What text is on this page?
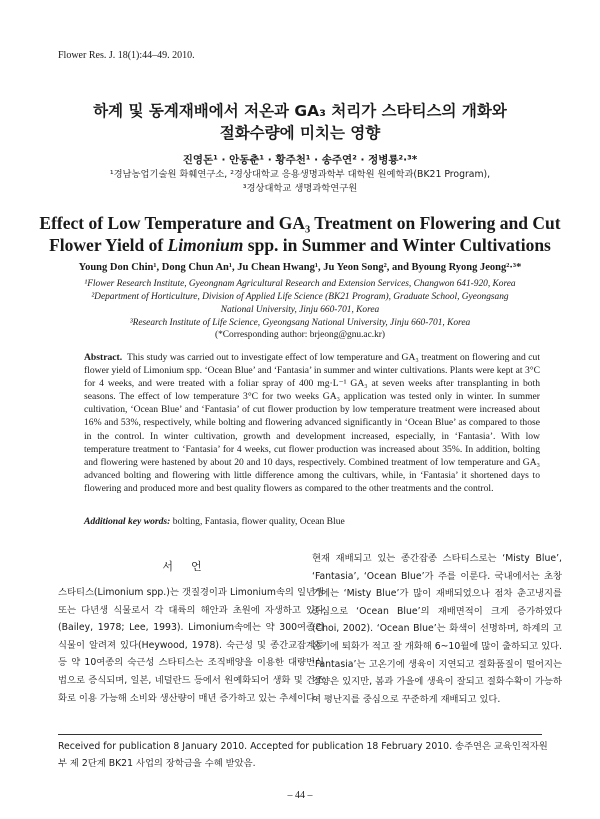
Flower Res. J. 18(1):44–49. 2010.
하계 및 동계재배에서 저온과 GA₃ 처리가 스타티스의 개화와
절화수량에 미치는 영향
진영돈¹ · 안동춘¹ · 황주천¹ · 송주연² · 정병룡²·³*
¹경남농업기술원 화훼연구소, ²경상대학교 응용생명과학부 대학원 원예학과(BK21 Program),
³경상대학교 생명과학연구원
Effect of Low Temperature and GA₃ Treatment on Flowering and Cut
Flower Yield of Limonium spp. in Summer and Winter Cultivations
Young Don Chin¹, Dong Chun An¹, Ju Chean Hwang¹, Ju Yeon Song², and Byoung Ryong Jeong²·³*
¹Flower Research Institute, Gyeongnam Agricultural Research and Extension Services, Changwon 641-920, Korea
²Department of Horticulture, Division of Applied Life Science (BK21 Program), Graduate School, Gyeongsang
National University, Jinju 660-701, Korea
³Research Institute of Life Science, Gyeongsang National University, Jinju 660-701, Korea
(*Corresponding author: brjeong@gnu.ac.kr)
Abstract. This study was carried out to investigate effect of low temperature and GA₃ treatment on flowering and cut flower yield of Limonium spp. ‘Ocean Blue’ and ‘Fantasia’ in summer and winter cultivations. Plants were kept at 3°C for 4 weeks, and were treated with a foliar spray of 400 mg·L⁻¹ GA₃ at seven weeks after transplanting in both seasons. The effect of low temperature 3°C for two weeks GA₃ application was tested only in winter. In summer cultivation, ‘Ocean Blue’ and ‘Fantasia’ of cut flower production by low temperature treatment were increased about 16% and 53%, respectively, while bolting and flowering advanced significantly in ‘Ocean Blue’ as compared to those in the control. In winter cultivation, growth and development increased, especially, in ‘Fantasia’. With low temperature treatment to ‘Fantasia’ for 4 weeks, cut flower production was increased about 35%. In addition, bolting and flowering were hastened by about 20 and 10 days, respectively. Combined treatment of low temperature and GA₃ advanced bolting and flowering with little difference among the cultivars, while, in ‘Fantasia’ it shortened days to flowering and produced more and best quality flowers as compared to the other treatments and the control.
Additional key words: bolting, Fantasia, flower quality, Ocean Blue
서언
스타티스(Limonium spp.)는 갯질경이과 Limonium속의 일년생 또는 다년생 식물로서 각 대륙의 해안과 초원에 자생하고 있다(Bailey, 1978; Lee, 1993). Limonium속에는 약 300여종의 식물이 알려져 있다(Heywood, 1978). 숙근성 및 종간교잡계통 등 약 10여종의 숙근성 스타티스는 조직배양을 이용한 대량번식법으로 증식되며, 일본, 네덜란드 등에서 원예화되어 생화 및 건조화로 이용 가능해 소비와 생산량이 매년 증가하고 있는 추세이다.
현재 재배되고 있는 종간잡종 스타티스로는 ‘Misty Blue’, ‘Fantasia’, ‘Ocean Blue’가 주를 이룬다. 국내에서는 초창기에는 ‘Misty Blue’가 많이 재배되었으나 점차 춘고냉지를 중심으로 ‘Ocean Blue’의 재배면적이 크게 증가하였다(Choi, 2002). ‘Ocean Blue’는 화색이 선명하며, 하계의 고온기에 퇴화가 적고 잘 개화해 6~10월에 많이 출하되고 있다. ‘Fantasia’는 고온기에 생육이 지연되고 절화품질이 떨어지는 경향은 있지만, 봄과 가을에 생육이 잘되고 절화수확이 가능하여 평난지를 중심으로 꾸준하게 재배되고 있다.
Received for publication 8 January 2010. Accepted for publication 18 February 2010. 송주연은 교육인적자원부 제 2단계 BK21 사업의 장학금을 수혜 받았음.
– 44 –
